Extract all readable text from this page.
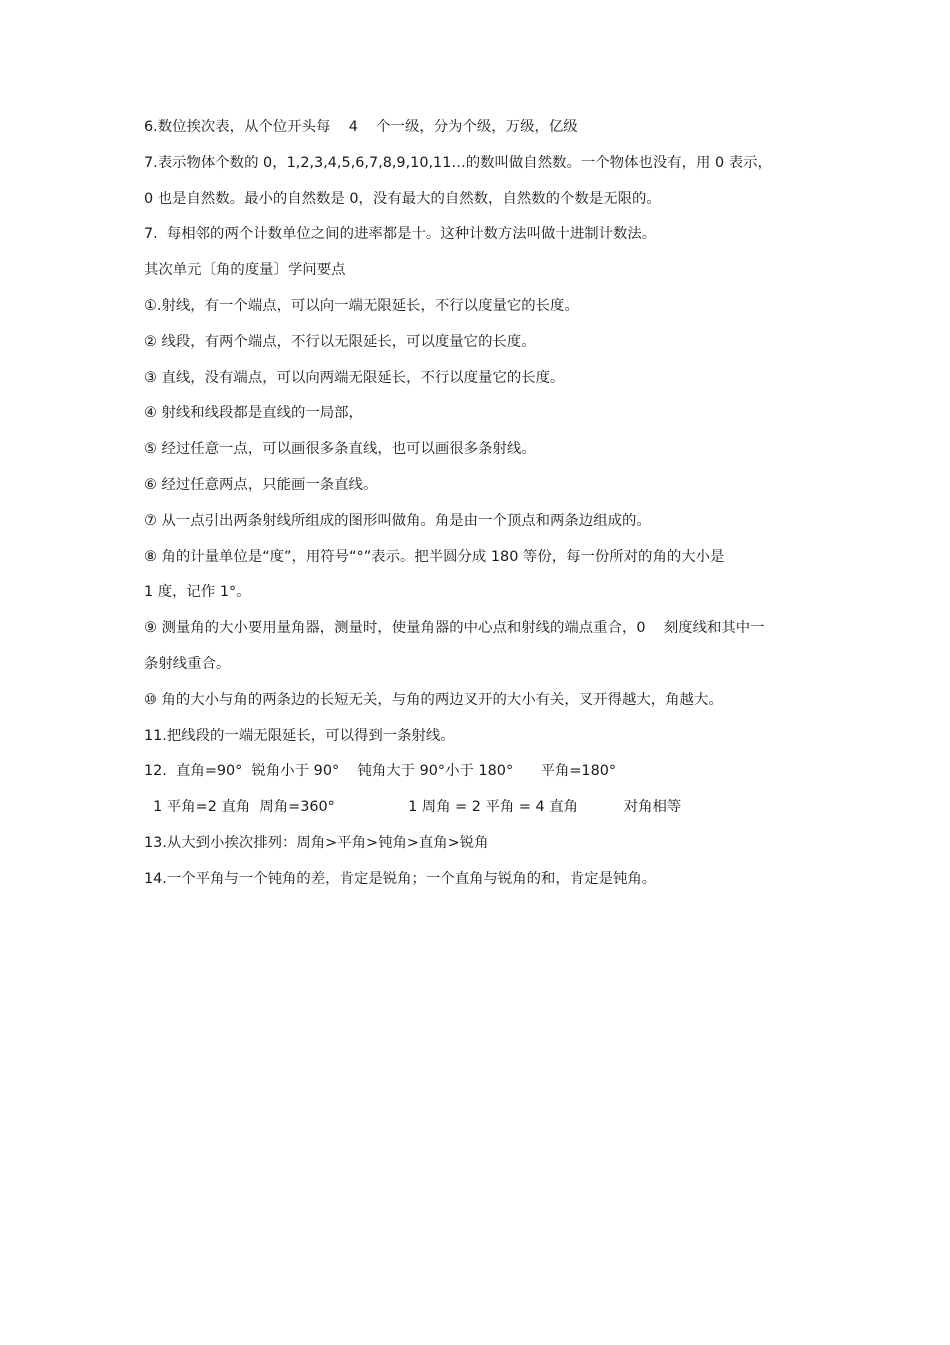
6.数位挨次表，从个位开头每    4    个一级，分为个级，万级，亿级
7.表示物体个数的 0，1,2,3,4,5,6,7,8,9,10,11…的数叫做自然数。一个物体也没有，用 0 表示，
0 也是自然数。最小的自然数是 0，没有最大的自然数，自然数的个数是无限的。
7.  每相邻的两个计数单位之间的进率都是十。这种计数方法叫做十进制计数法。
其次单元〔角的度量〕学问要点
①.射线，有一个端点，可以向一端无限延长，不行以度量它的长度。
② 线段，有两个端点，不行以无限延长，可以度量它的长度。
③ 直线，没有端点，可以向两端无限延长，不行以度量它的长度。
④ 射线和线段都是直线的一局部，
⑤ 经过任意一点，可以画很多条直线，也可以画很多条射线。
⑥ 经过任意两点，只能画一条直线。
⑦ 从一点引出两条射线所组成的图形叫做角。角是由一个顶点和两条边组成的。
⑧ 角的计量单位是“度”，用符号“°”表示。把半圆分成 180 等份，每一份所对的角的大小是
1 度，记作 1°。
⑨ 测量角的大小要用量角器，测量时，使量角器的中心点和射线的端点重合，0    刻度线和其中一
条射线重合。
⑩ 角的大小与角的两条边的长短无关，与角的两边叉开的大小有关，叉开得越大，角越大。
11.把线段的一端无限延长，可以得到一条射线。
12.  直角=90°  锐角小于 90°    钝角大于 90°小于 180°      平角=180°
1 平角=2 直角  周角=360°                1 周角 = 2 平角 = 4 直角          对角相等
13.从大到小挨次排列：周角>平角>钝角>直角>锐角
14.一个平角与一个钝角的差，肯定是锐角；一个直角与锐角的和，肯定是钝角。
